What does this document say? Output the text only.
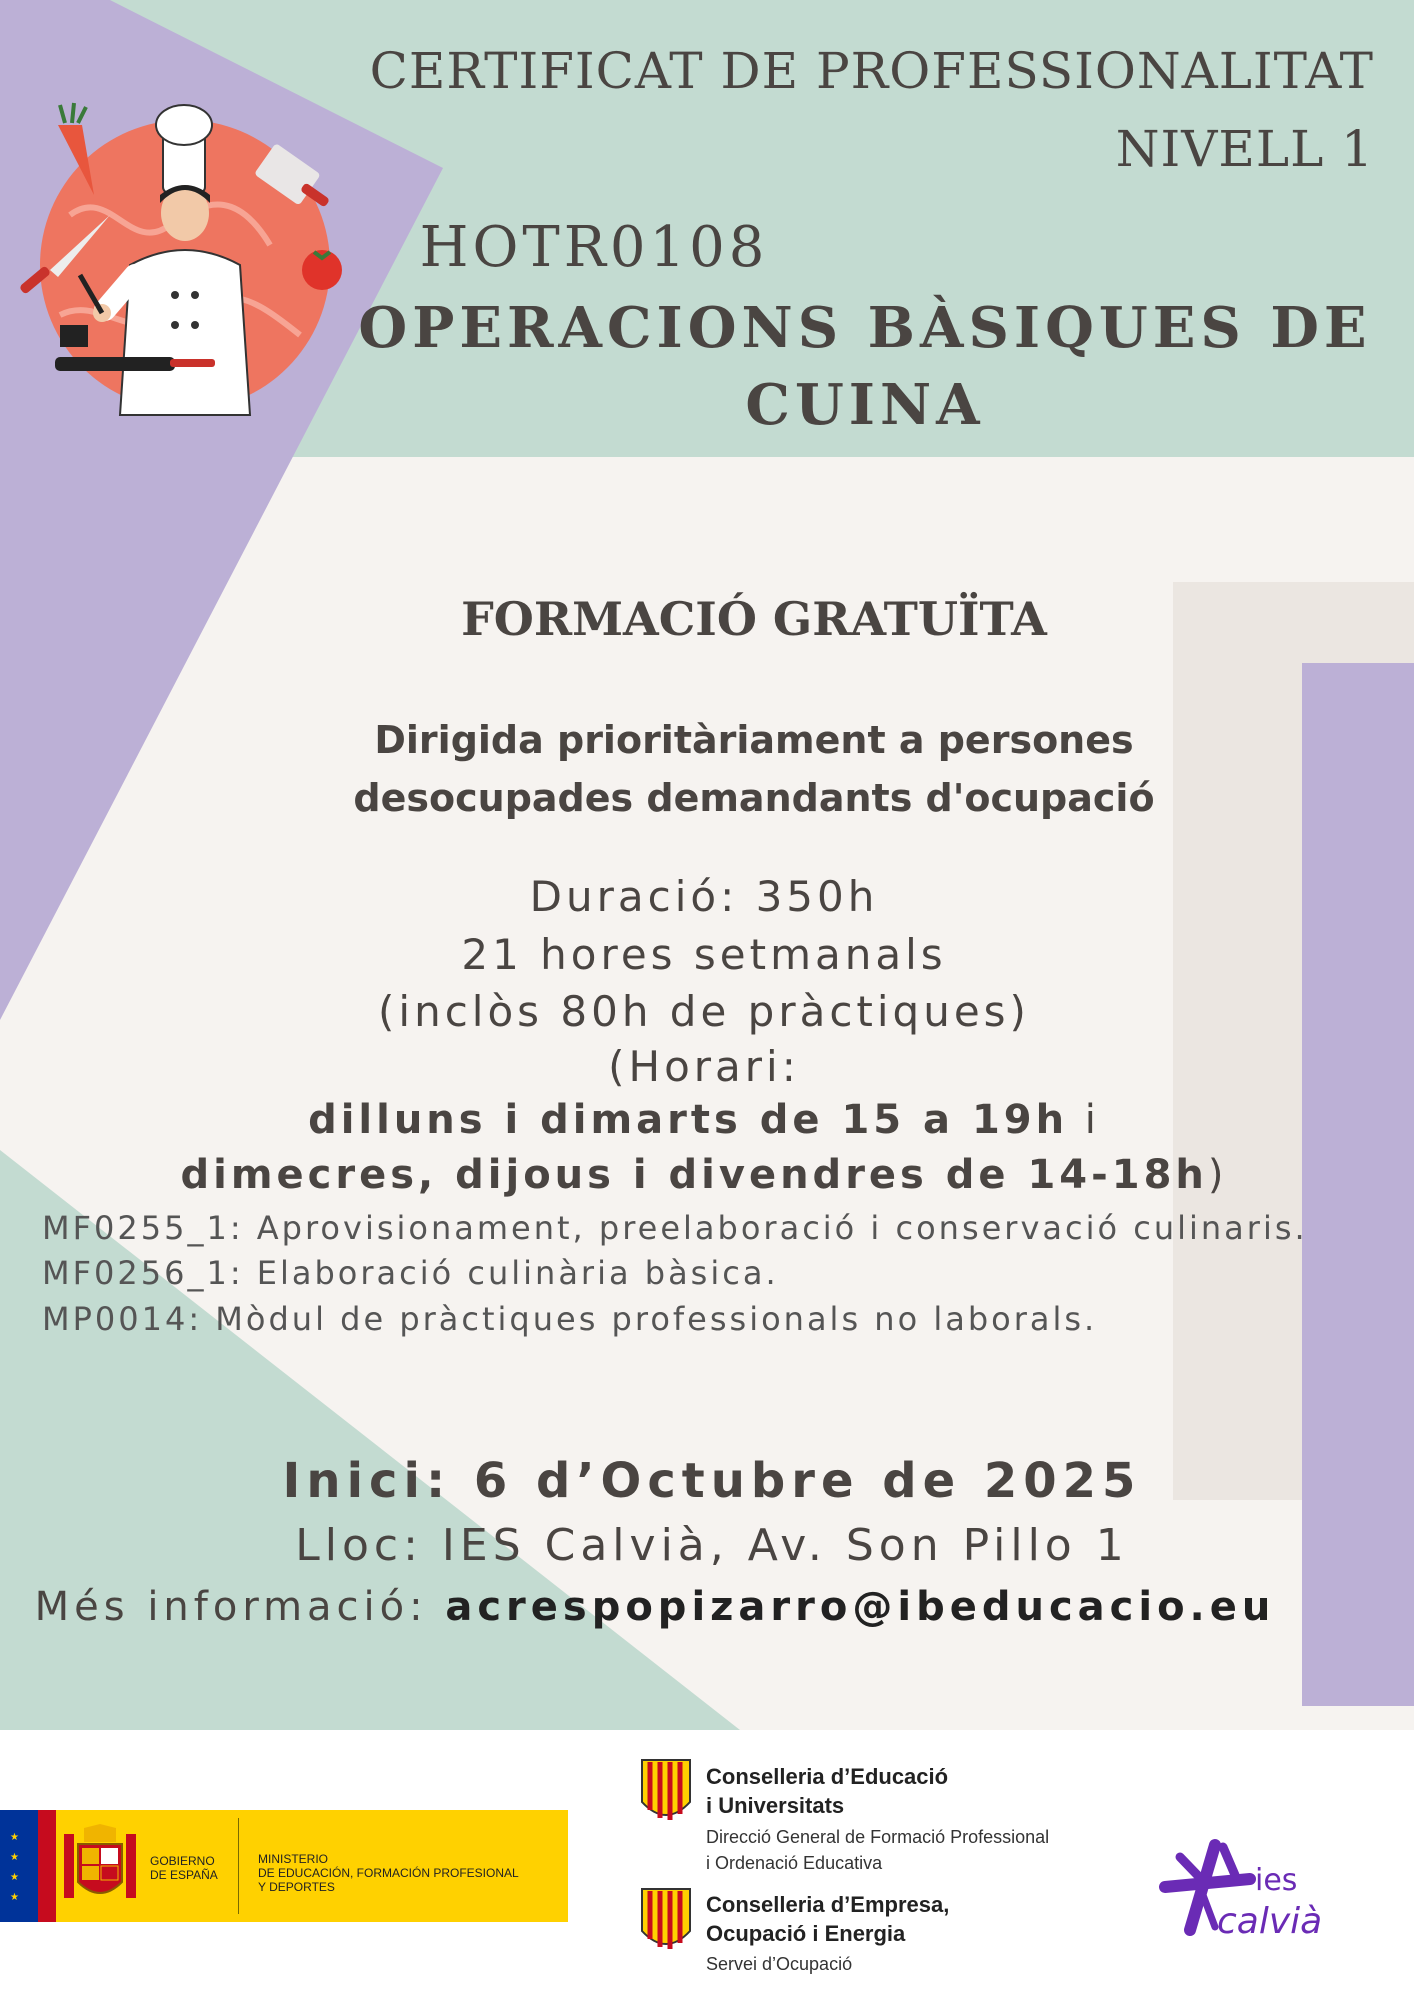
CERTIFICAT DE PROFESSIONALITAT
NIVELL 1
HOTR0108
OPERACIONS BÀSIQUES DE
CUINA
FORMACIÓ GRATUÏTA
Dirigida prioritàriament a persones
desocupades demandants d'ocupació
Duració: 350h
21 hores setmanals
(inclòs 80h de pràctiques)
(Horari:
dilluns i dimarts de 15 a 19h i
dimecres, dijous i divendres de 14-18h)
MF0255_1: Aprovisionament, preelaboració i conservació culinaris.
MF0256_1: Elaboració culinària bàsica.
MP0014: Mòdul de pràctiques professionals no laborals.
Inici: 6 d’Octubre de 2025
Lloc: IES Calvià, Av. Son Pillo 1
Més informació: acrespopizarro@ibeducacio.eu
★
★
★
★
GOBIERNO
DE ESPAÑA
MINISTERIO
DE EDUCACIÓN, FORMACIÓN PROFESIONAL
Y DEPORTES
Conselleria d’Educació
i Universitats
Direcció General de Formació Professional
i Ordenació Educativa
Conselleria d’Empresa,
Ocupació i Energia
Servei d’Ocupació
ies
calvià
